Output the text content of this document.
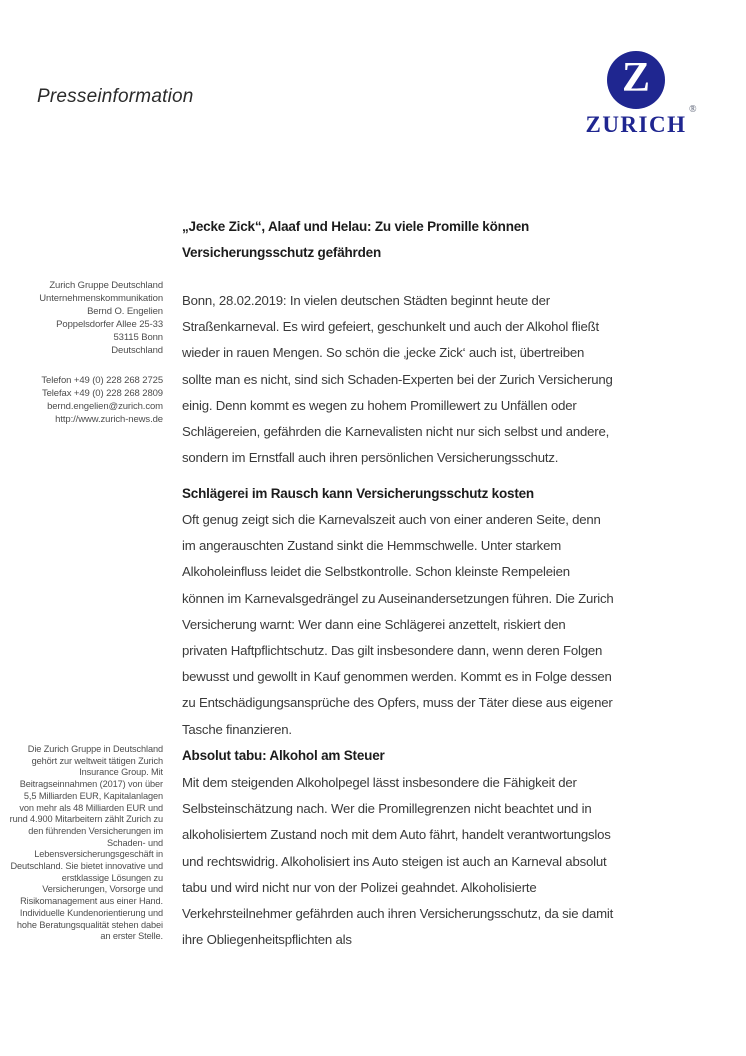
Presseinformation	Z
ZURICH
®
Zurich Gruppe Deutschland
Unternehmenskommunikation
Bernd O. Engelien
Poppelsdorfer Allee 25-33
53115 Bonn
Deutschland
Telefon +49 (0) 228 268 2725
Telefax +49 (0) 228 268 2809
bernd.engelien@zurich.com
http://www.zurich-news.de
Die Zurich Gruppe in Deutschland gehört zur weltweit tätigen Zurich Insurance Group. Mit Beitragseinnahmen (2017) von über 5,5 Milliarden EUR, Kapitalanlagen von mehr als 48 Milliarden EUR und rund 4.900 Mitarbeitern zählt Zurich zu den führenden Versicherungen im Schaden- und Lebensversicherungsgeschäft in Deutschland. Sie bietet innovative und erstklassige Lösungen zu Versicherungen, Vorsorge und Risikomanagement aus einer Hand. Individuelle Kundenorientierung und hohe Beratungsqualität stehen dabei an erster Stelle.
„Jecke Zick“, Alaaf und Helau: Zu viele Promille können Versicherungsschutz gefährden
Bonn, 28.02.2019: In vielen deutschen Städten beginnt heute der Straßenkarneval. Es wird gefeiert, geschunkelt und auch der Alkohol fließt wieder in rauen Mengen. So schön die ‚jecke Zick‘ auch ist, übertreiben sollte man es nicht, sind sich Schaden-Experten bei der Zurich Versicherung einig. Denn kommt es wegen zu hohem Promillewert zu Unfällen oder Schlägereien, gefährden die Karnevalisten nicht nur sich selbst und andere, sondern im Ernstfall auch ihren persönlichen Versicherungsschutz.
Schlägerei im Rausch kann Versicherungsschutz kosten
Oft genug zeigt sich die Karnevalszeit auch von einer anderen Seite, denn im angerauschten Zustand sinkt die Hemmschwelle. Unter starkem Alkoholeinfluss leidet die Selbstkontrolle. Schon kleinste Rempeleien können im Karnevalsgedrängel zu Auseinandersetzungen führen. Die Zurich Versicherung warnt: Wer dann eine Schlägerei anzettelt, riskiert den privaten Haftpflichtschutz. Das gilt insbesondere dann, wenn deren Folgen bewusst und gewollt in Kauf genommen werden. Kommt es in Folge dessen zu Entschädigungsansprüche des Opfers, muss der Täter diese aus eigener Tasche finanzieren.
Absolut tabu: Alkohol am Steuer
Mit dem steigenden Alkoholpegel lässt insbesondere die Fähigkeit der Selbsteinschätzung nach. Wer die Promillegrenzen nicht beachtet und in alkoholisiertem Zustand noch mit dem Auto fährt, handelt verantwortungslos und rechtswidrig. Alkoholisiert ins Auto steigen ist auch an Karneval absolut tabu und wird nicht nur von der Polizei geahndet. Alkoholisierte Verkehrsteilnehmer gefährden auch ihren Versicherungsschutz, da sie damit ihre Obliegenheitspflichten als
